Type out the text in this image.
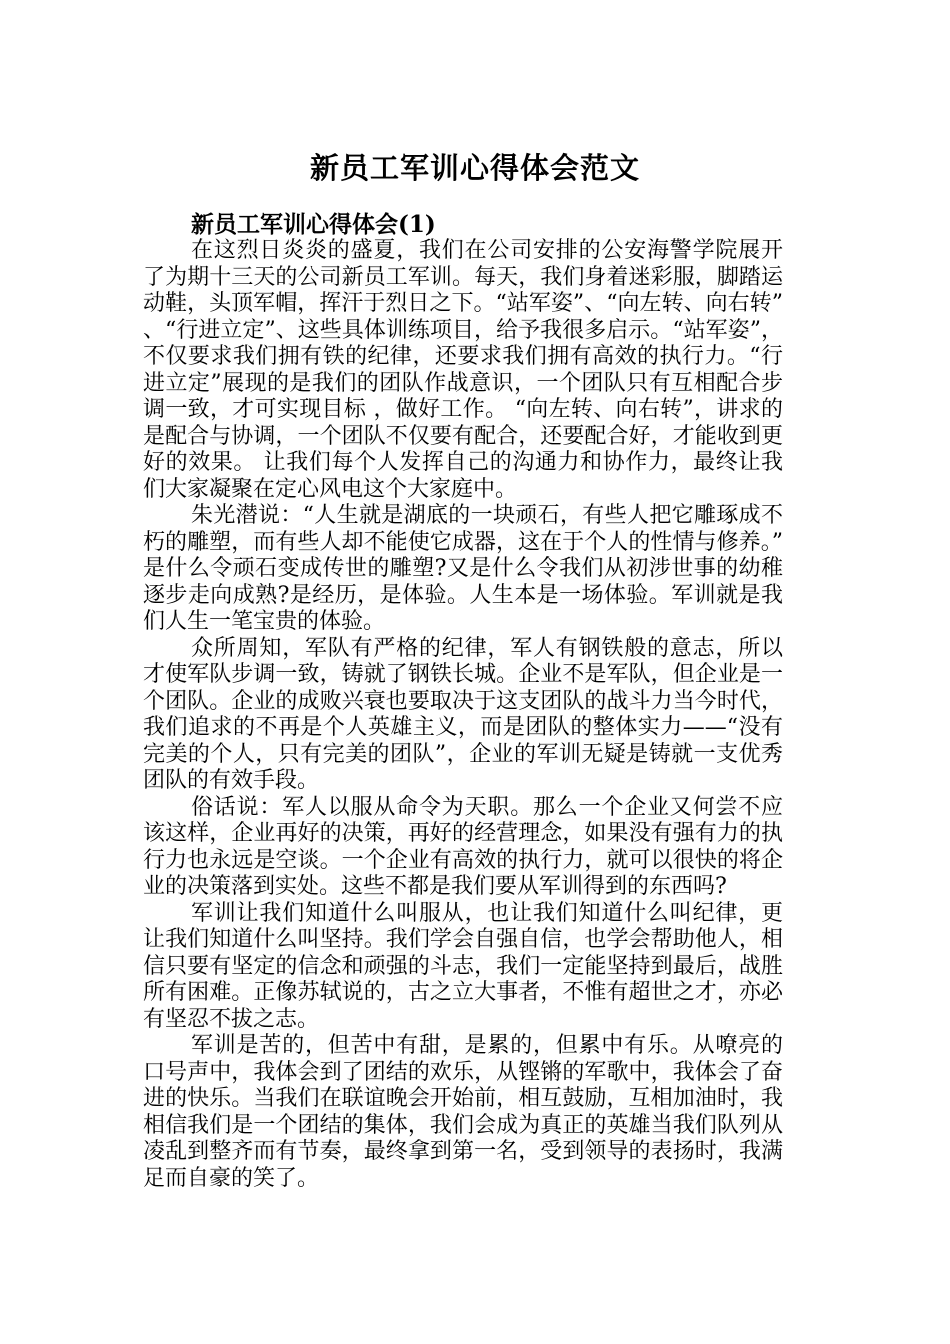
新员工军训心得体会范文
新员工军训心得体会(1)

在这烈日炎炎的盛夏，我们在公司安排的公安海警学院展开了为期十三天的公司新员工军训。每天，我们身着迷彩服，脚踏运动鞋，头顶军帽，挥汗于烈日之下。“站军姿”、“向左转、向右转”、“行进立定”、这些具体训练项目，给予我很多启示。“站军姿”，不仅要求我们拥有铁的纪律，还要求我们拥有高效的执行力。“行进立定”展现的是我们的团队作战意识，一个团队只有互相配合步调一致，才可实现目标 ，做好工作。 “向左转、向右转”，讲求的是配合与协调，一个团队不仅要有配合，还要配合好，才能收到更好的效果。 让我们每个人发挥自己的沟通力和协作力，最终让我们大家凝聚在定心风电这个大家庭中。

朱光潜说：“人生就是湖底的一块顽石，有些人把它雕琢成不朽的雕塑，而有些人却不能使它成器，这在于个人的性情与修养。”是什么令顽石变成传世的雕塑?又是什么令我们从初涉世事的幼稚逐步走向成熟?是经历，是体验。人生本是一场体验。军训就是我们人生一笔宝贵的体验。

众所周知，军队有严格的纪律，军人有钢铁般的意志，所以才使军队步调一致，铸就了钢铁长城。企业不是军队，但企业是一个团队。企业的成败兴衰也要取决于这支团队的战斗力当今时代，我们追求的不再是个人英雄主义，而是团队的整体实力——“没有完美的个人，只有完美的团队”，企业的军训无疑是铸就一支优秀团队的有效手段。

俗话说：军人以服从命令为天职。那么一个企业又何尝不应该这样，企业再好的决策，再好的经营理念，如果没有强有力的执行力也永远是空谈。一个企业有高效的执行力，就可以很快的将企业的决策落到实处。这些不都是我们要从军训得到的东西吗?

军训让我们知道什么叫服从，也让我们知道什么叫纪律，更让我们知道什么叫坚持。我们学会自强自信，也学会帮助他人，相信只要有坚定的信念和顽强的斗志，我们一定能坚持到最后，战胜所有困难。正像苏轼说的，古之立大事者，不惟有超世之才，亦必有坚忍不拔之志。

军训是苦的，但苦中有甜，是累的，但累中有乐。从嘹亮的口号声中，我体会到了团结的欢乐，从铿锵的军歌中，我体会了奋进的快乐。当我们在联谊晚会开始前，相互鼓励，互相加油时，我相信我们是一个团结的集体，我们会成为真正的英雄当我们队列从凌乱到整齐而有节奏，最终拿到第一名，受到领导的表扬时，我满足而自豪的笑了。
